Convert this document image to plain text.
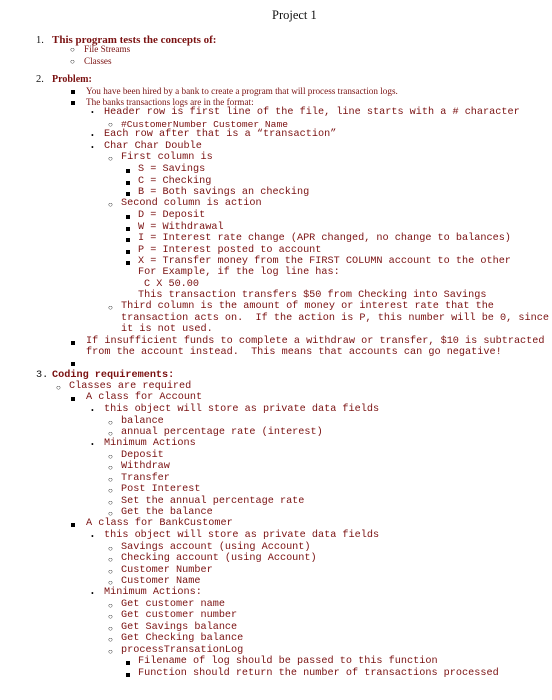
Project 1
1. This program tests the concepts of:
○ File Streams
○ Classes
2. Problem:
You have been hired by a bank to create a program that will process transaction logs.
The banks transactions logs are in the format:
• Header row is first line of the file, line starts with a # character
○ #CustomerNumber Customer Name
• Each row after that is a “transaction”
• Char Char Double
○ First column is
S = Savings
C = Checking
B = Both savings an checking
○ Second column is action
D = Deposit
W = Withdrawal
I = Interest rate change (APR changed, no change to balances)
P = Interest posted to account
X = Transfer money from the FIRST COLUMN account to the other
For Example, if the log line has:
C X 50.00
This transaction transfers $50 from Checking into Savings
○ Third column is the amount of money or interest rate that the
transaction acts on.  If the action is P, this number will be 0, since
it is not used.
If insufficient funds to complete a withdraw or transfer, $10 is subtracted
from the account instead.  This means that accounts can go negative!
3. Coding requirements:
○ Classes are required
A class for Account
• this object will store as private data fields
○ balance
○ annual percentage rate (interest)
• Minimum Actions
○ Deposit
○ Withdraw
○ Transfer
○ Post Interest
○ Set the annual percentage rate
○ Get the balance
A class for BankCustomer
• this object will store as private data fields
○ Savings account (using Account)
○ Checking account (using Account)
○ Customer Number
○ Customer Name
• Minimum Actions:
○ Get customer name
○ Get customer number
○ Get Savings balance
○ Get Checking balance
○ processTransationLog
Filename of log should be passed to this function
Function should return the number of transactions processed
